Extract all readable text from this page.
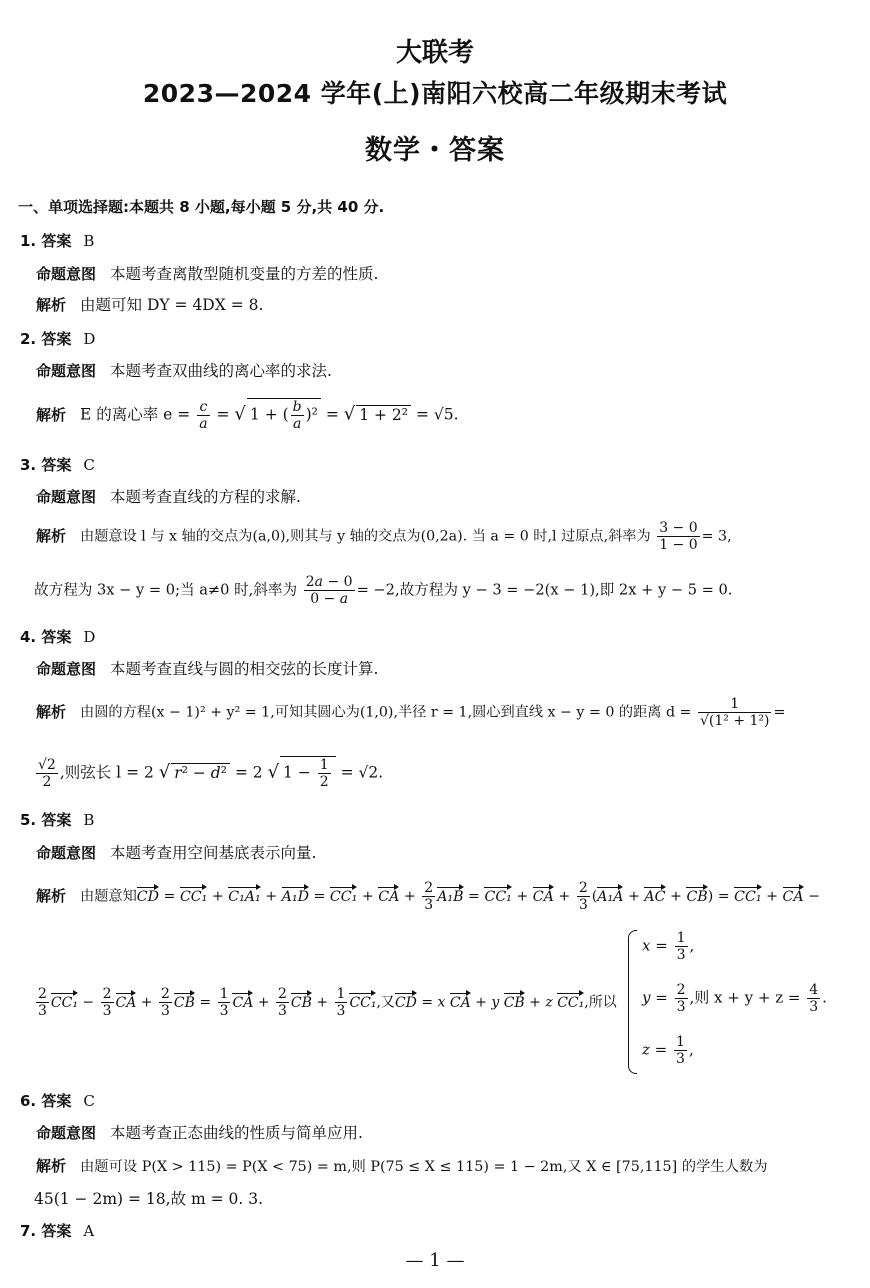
大联考
2023—2024 学年(上)南阳六校高二年级期末考试
数学・答案
一、单项选择题:本题共 8 小题,每小题 5 分,共 40 分.
1. 答案 B
命题意图 本题考查离散型随机变量的方差的性质.
解析 由题可知 DY = 4DX = 8.
2. 答案 D
命题意图 本题考查双曲线的离心率的求法.
解析 E 的离心率 $e = \frac{c}{a}$ = √ 1 + ( $\frac{b}{a} )^2$ = √ 1 + 2² = √5.
3. 答案 C
命题意图 本题考查直线的方程的求解.
解析 由题意设 l 与 x 轴的交点为(a,0),则其与 y 轴的交点为(0,2a). 当 a = 0 时,l 过原点,斜率为 $\frac{3 - 0}{1 - 0} = 3$,
故方程为 3x − y = 0;当 a≠0 时,斜率为 $\frac{2a - 0}{0 - a} = -2$,故方程为 y − 3 = −2(x − 1),即 2x + y − 5 = 0.
4. 答案 D
命题意图 本题考查直线与圆的相交弦的长度计算.
解析 由圆的方程(x − 1)² + y² = 1,可知其圆心为(1,0),半径 r = 1,圆心到直线 x − y = 0 的距离 $d = \frac{1}{\text{√(1² + 1²)}}$ =
$\frac{√2}{2}$ ,则弦长 l = 2 √ r² − d² = 2 √ $1 - \frac{1}{2} = √2$.
5. 答案 B
命题意图 本题考查用空间基底表示向量.
解析 由题意知CD = CC₁ + C₁A₁ + A₁D = CC₁ + CA + $\frac{2}{3} A_1B = CC_1$ + CA + $\frac{2}{3} (A_1A$ + AC + CB) = CC₁ + CA −
$\frac{2}{3} CC_1 - \frac{2}{3}$ CA + $\frac{2}{3}$ CB = $\frac{1}{3}$ CA + $\frac{2}{3}$ CB + $\frac{1}{3} CC_1$,又CD = x CA + y CB + z CC₁,所以
$x = \frac{1}{3}$ ,
$y = \frac{2}{3}$ ,则 $x + y + z = \frac{4}{3}$ .
$z = \frac{1}{3}$ ,
6. 答案 C
命题意图 本题考查正态曲线的性质与简单应用.
解析 由题可设 P(X > 115) = P(X < 75) = m,则 P(75 ≤ X ≤ 115) = 1 − 2m,又 X ∈ [75,115] 的学生人数为
45(1 − 2m) = 18,故 m = 0. 3.
7. 答案 A
— 1 —
